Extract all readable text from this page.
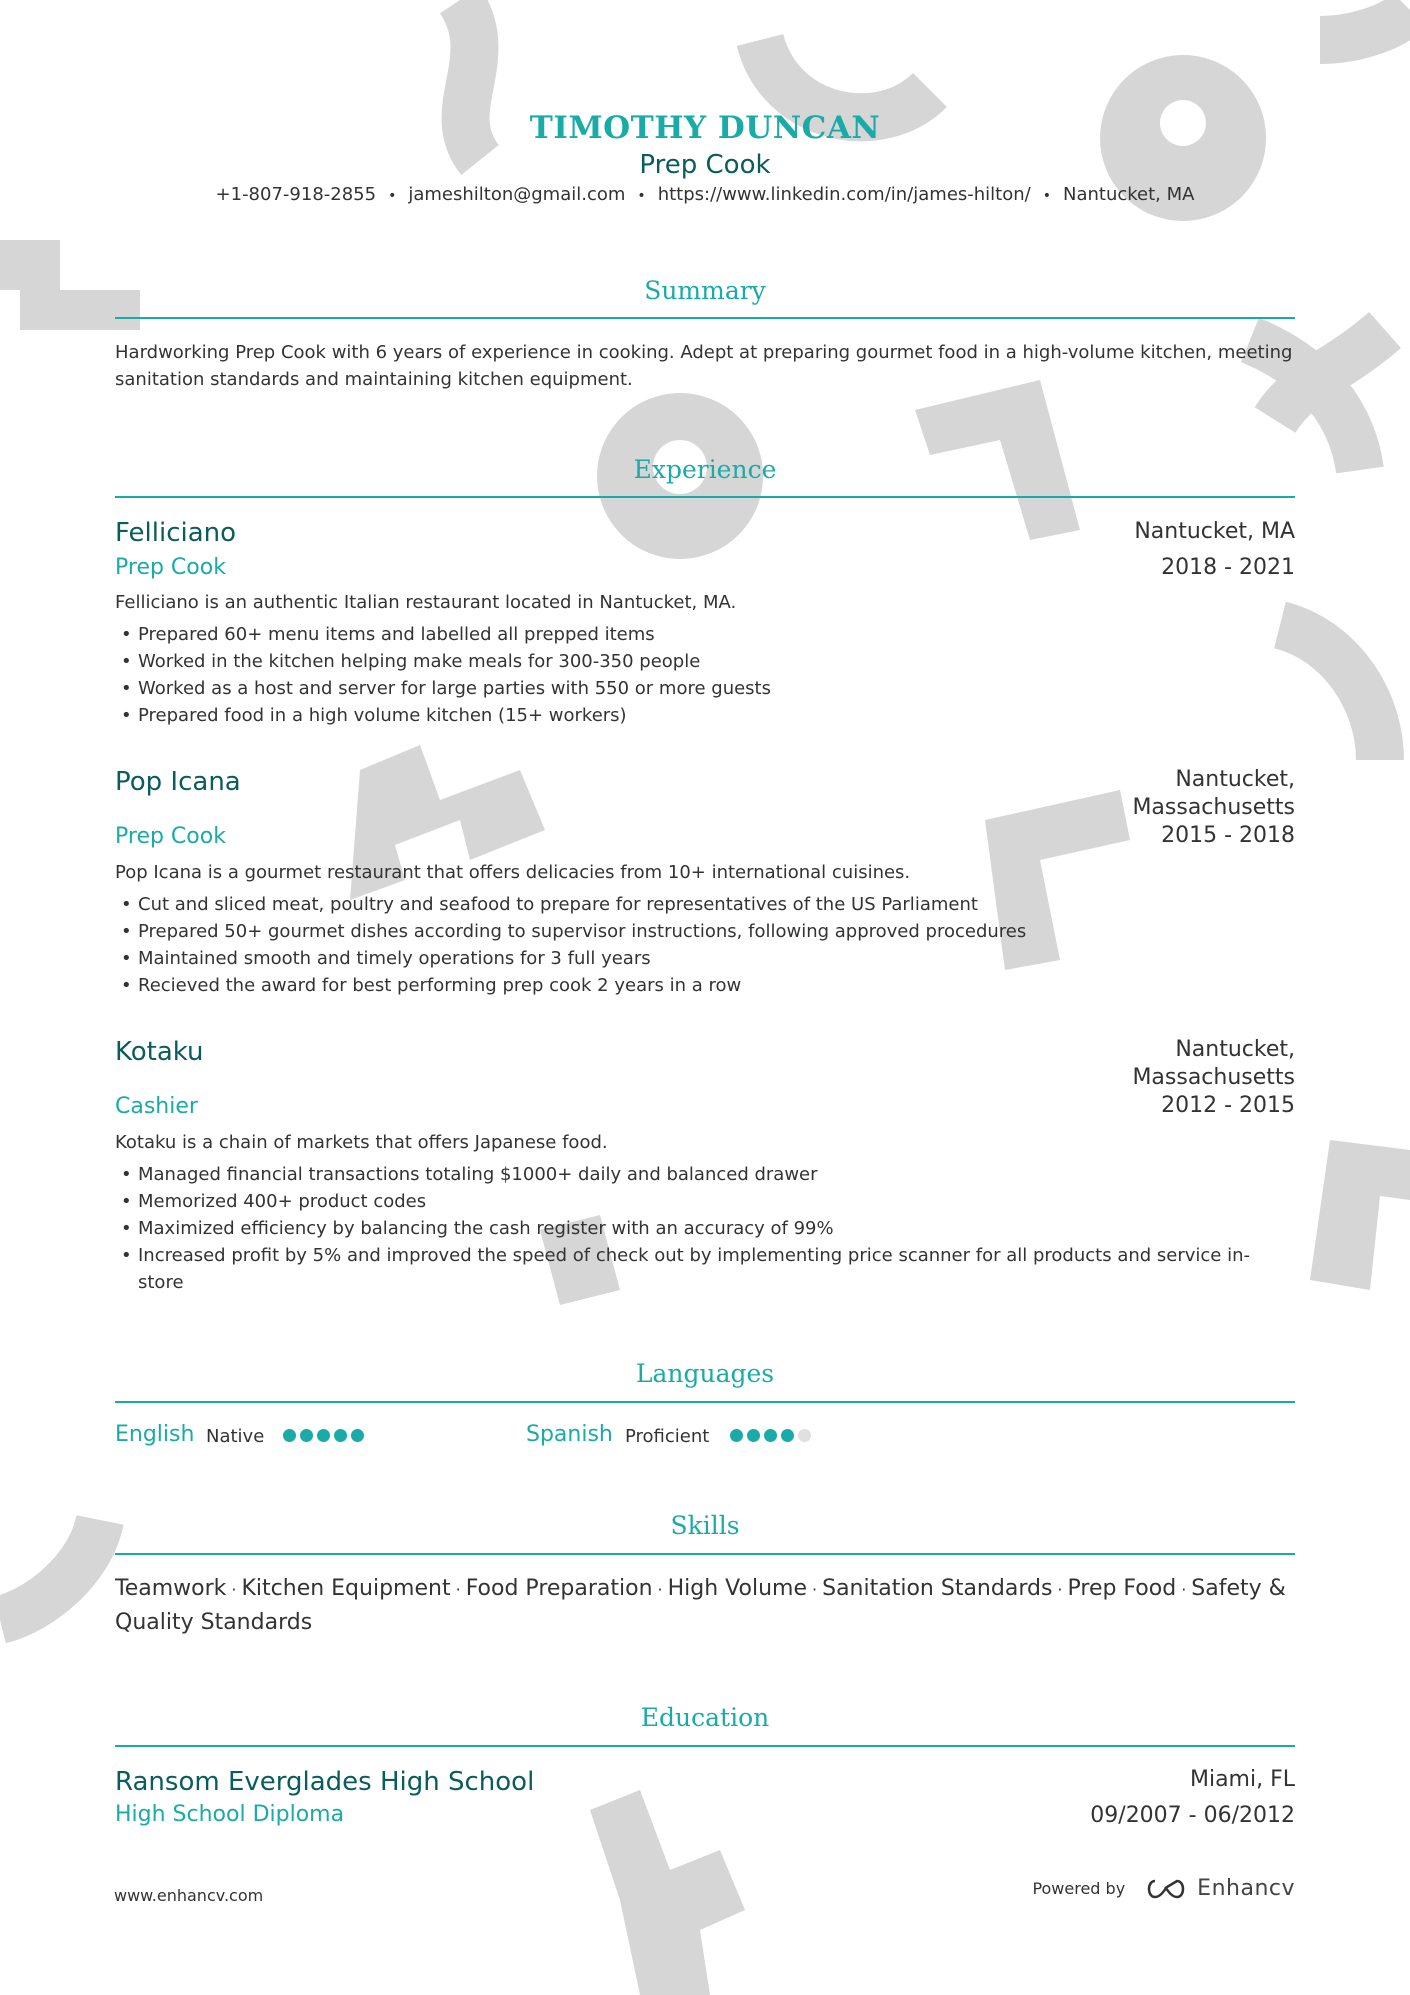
TIMOTHY DUNCAN
Prep Cook
+1-807-918-2855 • jameshilton@gmail.com • https://www.linkedin.com/in/james-hilton/ • Nantucket, MA
Summary
Hardworking Prep Cook with 6 years of experience in cooking. Adept at preparing gourmet food in a high-volume kitchen, meeting sanitation standards and maintaining kitchen equipment.
Experience
Felliciano
Prep Cook
Nantucket, MA
2018 - 2021
Felliciano is an authentic Italian restaurant located in Nantucket, MA.
• Prepared 60+ menu items and labelled all prepped items
• Worked in the kitchen helping make meals for 300-350 people
• Worked as a host and server for large parties with 550 or more guests
• Prepared food in a high volume kitchen (15+ workers)
Pop Icana
Prep Cook
Nantucket,
Massachusetts
2015 - 2018
Pop Icana is a gourmet restaurant that offers delicacies from 10+ international cuisines.
• Cut and sliced meat, poultry and seafood to prepare for representatives of the US Parliament
• Prepared 50+ gourmet dishes according to supervisor instructions, following approved procedures
• Maintained smooth and timely operations for 3 full years
• Recieved the award for best performing prep cook 2 years in a row
Kotaku
Cashier
Nantucket,
Massachusetts
2012 - 2015
Kotaku is a chain of markets that offers Japanese food.
• Managed financial transactions totaling $1000+ daily and balanced drawer
• Memorized 400+ product codes
• Maximized efficiency by balancing the cash register with an accuracy of 99%
• Increased profit by 5% and improved the speed of check out by implementing price scanner for all products and service in-store
Languages
English Native	Spanish Proficient
Skills
Teamwork · Kitchen Equipment · Food Preparation · High Volume · Sanitation Standards · Prep Food · Safety & Quality Standards
Education
Ransom Everglades High School
High School Diploma
Miami, FL
09/2007 - 06/2012
www.enhancv.com	Powered by	Enhancv
